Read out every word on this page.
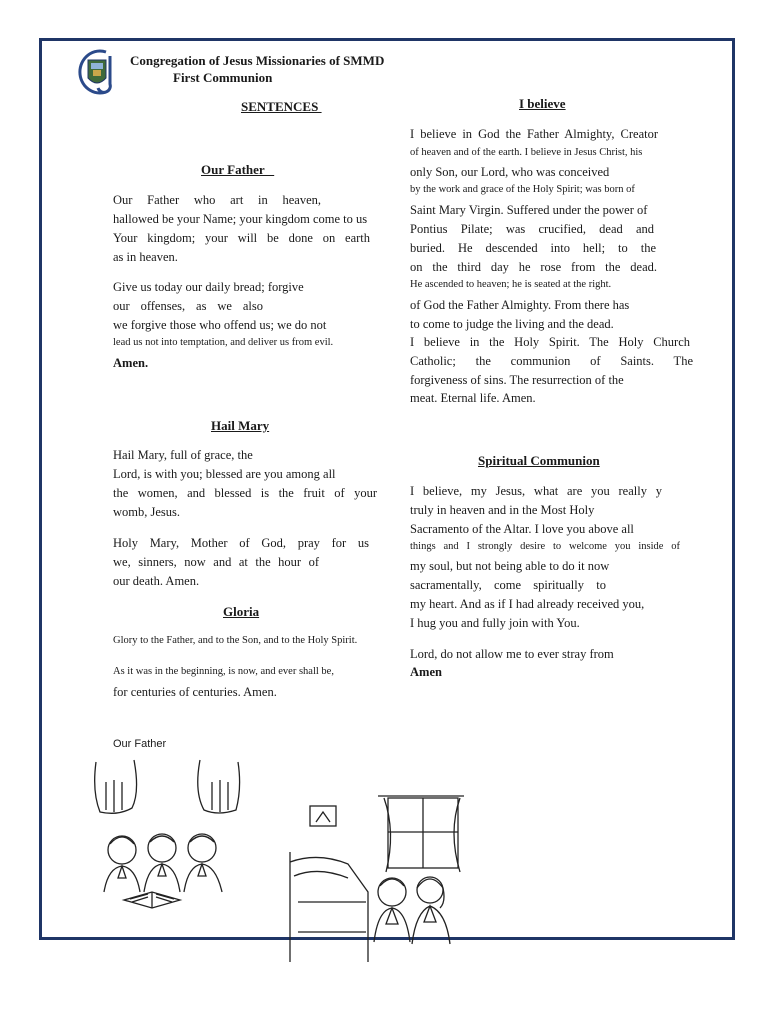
Congregation of Jesus Missionaries of SMMD
First Communion
SENTENCES
Our Father
Our Father who art in heaven,
hallowed be your Name; your kingdom come to us
Your kingdom; your will be done on earth
as in heaven.
Give us today our daily bread; forgive
our offenses, as we also
we forgive those who offend us; we do not
lead us not into temptation, and deliver us from evil.
Amen.
Hail Mary
Hail Mary, full of grace, the
Lord, is with you; blessed are you among all
the women, and blessed is the fruit of your
womb, Jesus.
Holy Mary, Mother of God, pray for us
we, sinners, now and at the hour of
our death. Amen.
Gloria
Glory to the Father, and to the Son, and to the Holy Spirit.
As it was in the beginning, is now, and ever shall be,
for centuries of centuries. Amen.
I believe
I believe in God the Father Almighty, Creator
of heaven and of the earth. I believe in Jesus Christ, his
only Son, our Lord, who was conceived
by the work and grace of the Holy Spirit; was born of
Saint Mary Virgin. Suffered under the power of
Pontius Pilate; was crucified, dead and
buried. He descended into hell; to the
on the third day he rose from the dead.
He ascended to heaven; he is seated at the right.
of God the Father Almighty. From there has
to come to judge the living and the dead.
I believe in the Holy Spirit. The Holy Church
Catholic; the communion of Saints. The
forgiveness of sins. The resurrection of the
meat. Eternal life. Amen.
Spiritual Communion
I believe, my Jesus, what are you really y
truly in heaven and in the Most Holy
Sacramento of the Altar. I love you above all
things and I strongly desire to welcome you inside of
my soul, but not being able to do it now
sacramentally, come spiritually to
my heart. And as if I had already received you,
I hug you and fully join with You.
Lord, do not allow me to ever stray from
Amen
Our Father
